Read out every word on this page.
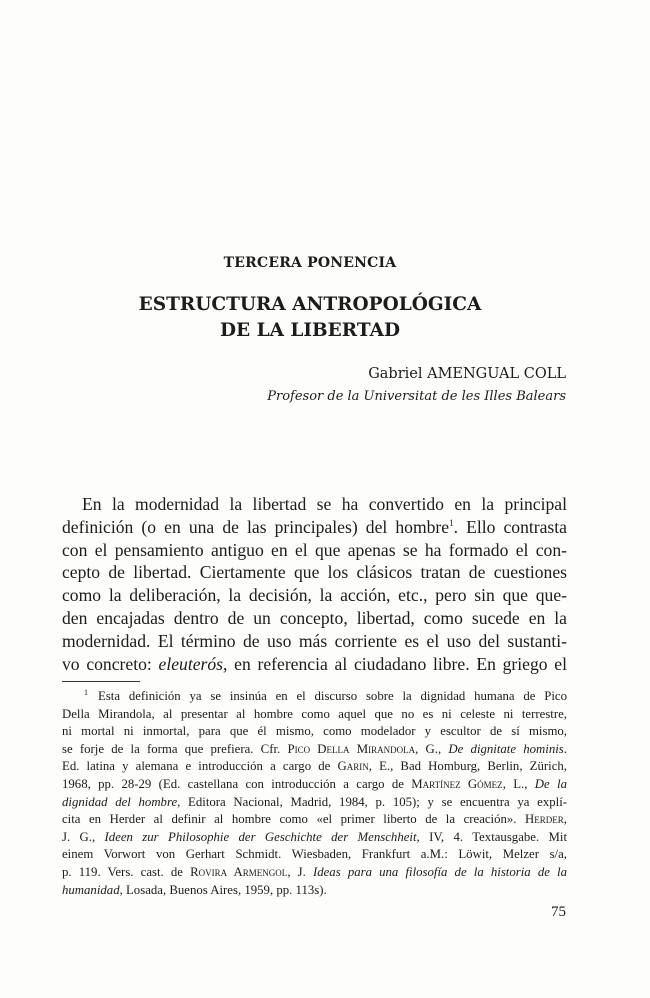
TERCERA PONENCIA
ESTRUCTURA ANTROPOLÓGICA
DE LA LIBERTAD
Gabriel AMENGUAL COLL
Profesor de la Universitat de les Illes Balears
En la modernidad la libertad se ha convertido en la principal
definición (o en una de las principales) del hombre$^1$. Ello contrasta
con el pensamiento antiguo en el que apenas se ha formado el con-
cepto de libertad. Ciertamente que los clásicos tratan de cuestiones
como la deliberación, la decisión, la acción, etc., pero sin que que-
den encajadas dentro de un concepto, libertad, como sucede en la
modernidad. El término de uso más corriente es el uso del sustanti-
vo concreto: eleuterós, en referencia al ciudadano libre. En griego el
$^1$ Esta definición ya se insinúa en el discurso sobre la dignidad humana de Pico
Della Mirandola, al presentar al hombre como aquel que no es ni celeste ni terrestre,
ni mortal ni inmortal, para que él mismo, como modelador y escultor de sí mismo,
se forje de la forma que prefiera. Cfr. Pico Della Mirandola, G., De dignitate hominis.
Ed. latina y alemana e introducción a cargo de Garin, E., Bad Homburg, Berlin, Zürich,
1968, pp. 28-29 (Ed. castellana con introducción a cargo de Martínez Gómez, L., De la
dignidad del hombre, Editora Nacional, Madrid, 1984, p. 105); y se encuentra ya explí-
cita en Herder al definir al hombre como «el primer liberto de la creación». Herder,
J. G., Ideen zur Philosophie der Geschichte der Menschheit, IV, 4. Textausgabe. Mit
einem Vorwort von Gerhart Schmidt. Wiesbaden, Frankfurt a.M.: Löwit, Melzer s/a,
p. 119. Vers. cast. de Rovira Armengol, J. Ideas para una filosofía de la historia de la
humanidad, Losada, Buenos Aires, 1959, pp. 113s).
75
